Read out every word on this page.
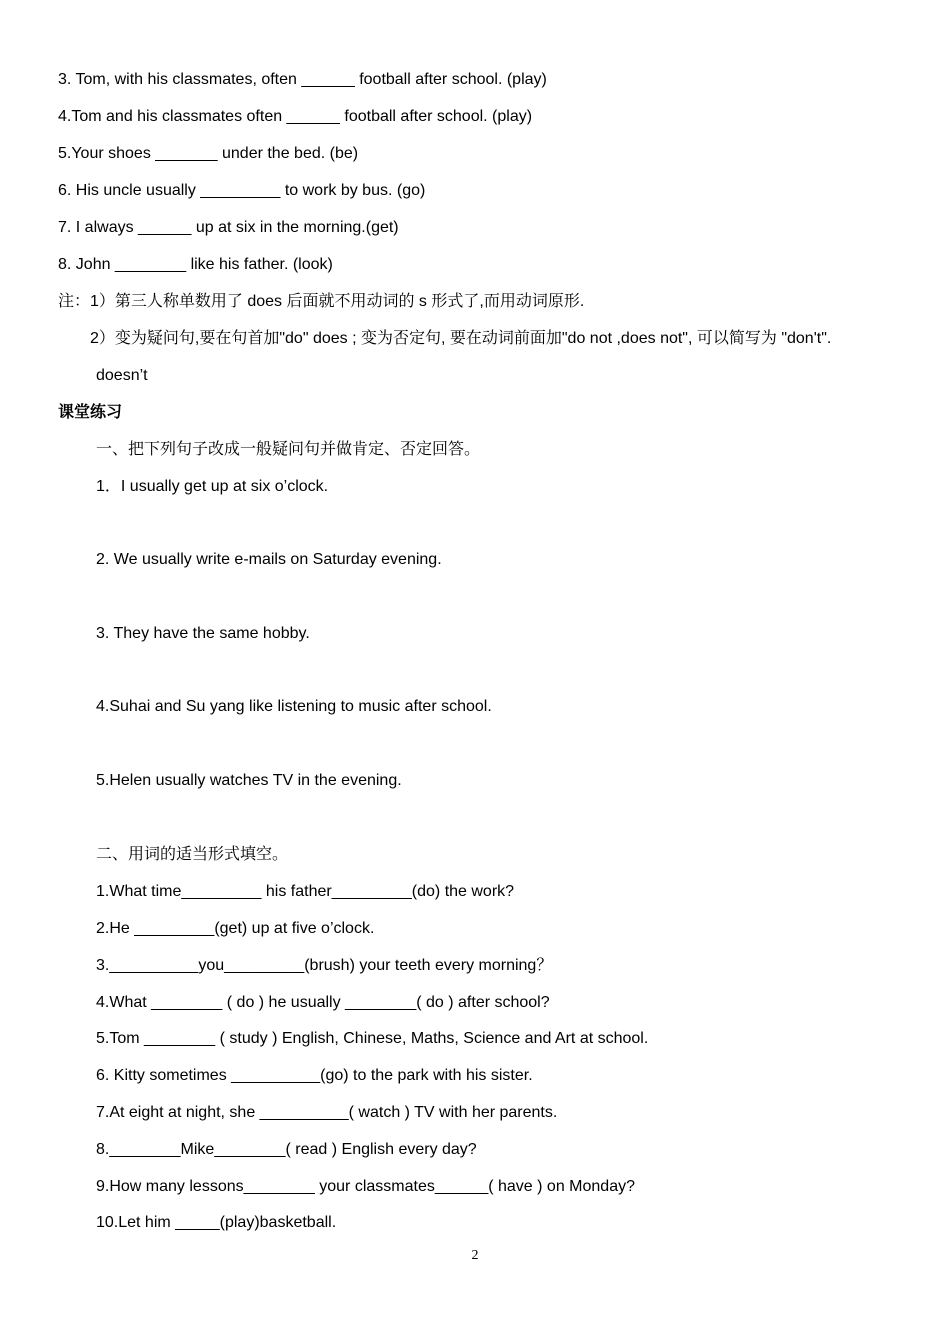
3. Tom, with his classmates, often ______ football after school. (play)
4.Tom and his classmates often ______ football after school. (play)
5.Your shoes _______ under the bed. (be)
6. His uncle usually _________ to work by bus. (go)
7. I always ______ up at six in the morning.(get)
8. John ________ like his father. (look)
注：1）第三人称单数用了 does 后面就不用动词的 s 形式了,而用动词原形.
2）变为疑问句,要在句首加"do" does ; 变为否定句, 要在动词前面加"do not ,does not", 可以简写为 "don't".
doesn’t
课堂练习
一、把下列句子改成一般疑问句并做肯定、否定回答。
1．I usually get up at six o’clock.
2. We usually write e-mails on Saturday evening.
3. They have the same hobby.
4.Suhai and Su yang like listening to music after school.
5.Helen usually watches TV in the evening.
二、用词的适当形式填空。
1.What time_________ his father_________(do) the work?
2.He _________(get) up at five o’clock.
3.__________you_________(brush) your teeth every morning？
4.What ________ ( do ) he usually ________( do ) after school?
5.Tom ________ ( study ) English, Chinese, Maths, Science and Art at school.
6. Kitty sometimes __________(go) to the park with his sister.
7.At eight at night, she __________( watch ) TV with her parents.
8.________Mike________( read ) English every day?
9.How many lessons________ your classmates______( have ) on Monday?
10.Let him _____(play)basketball.
2
